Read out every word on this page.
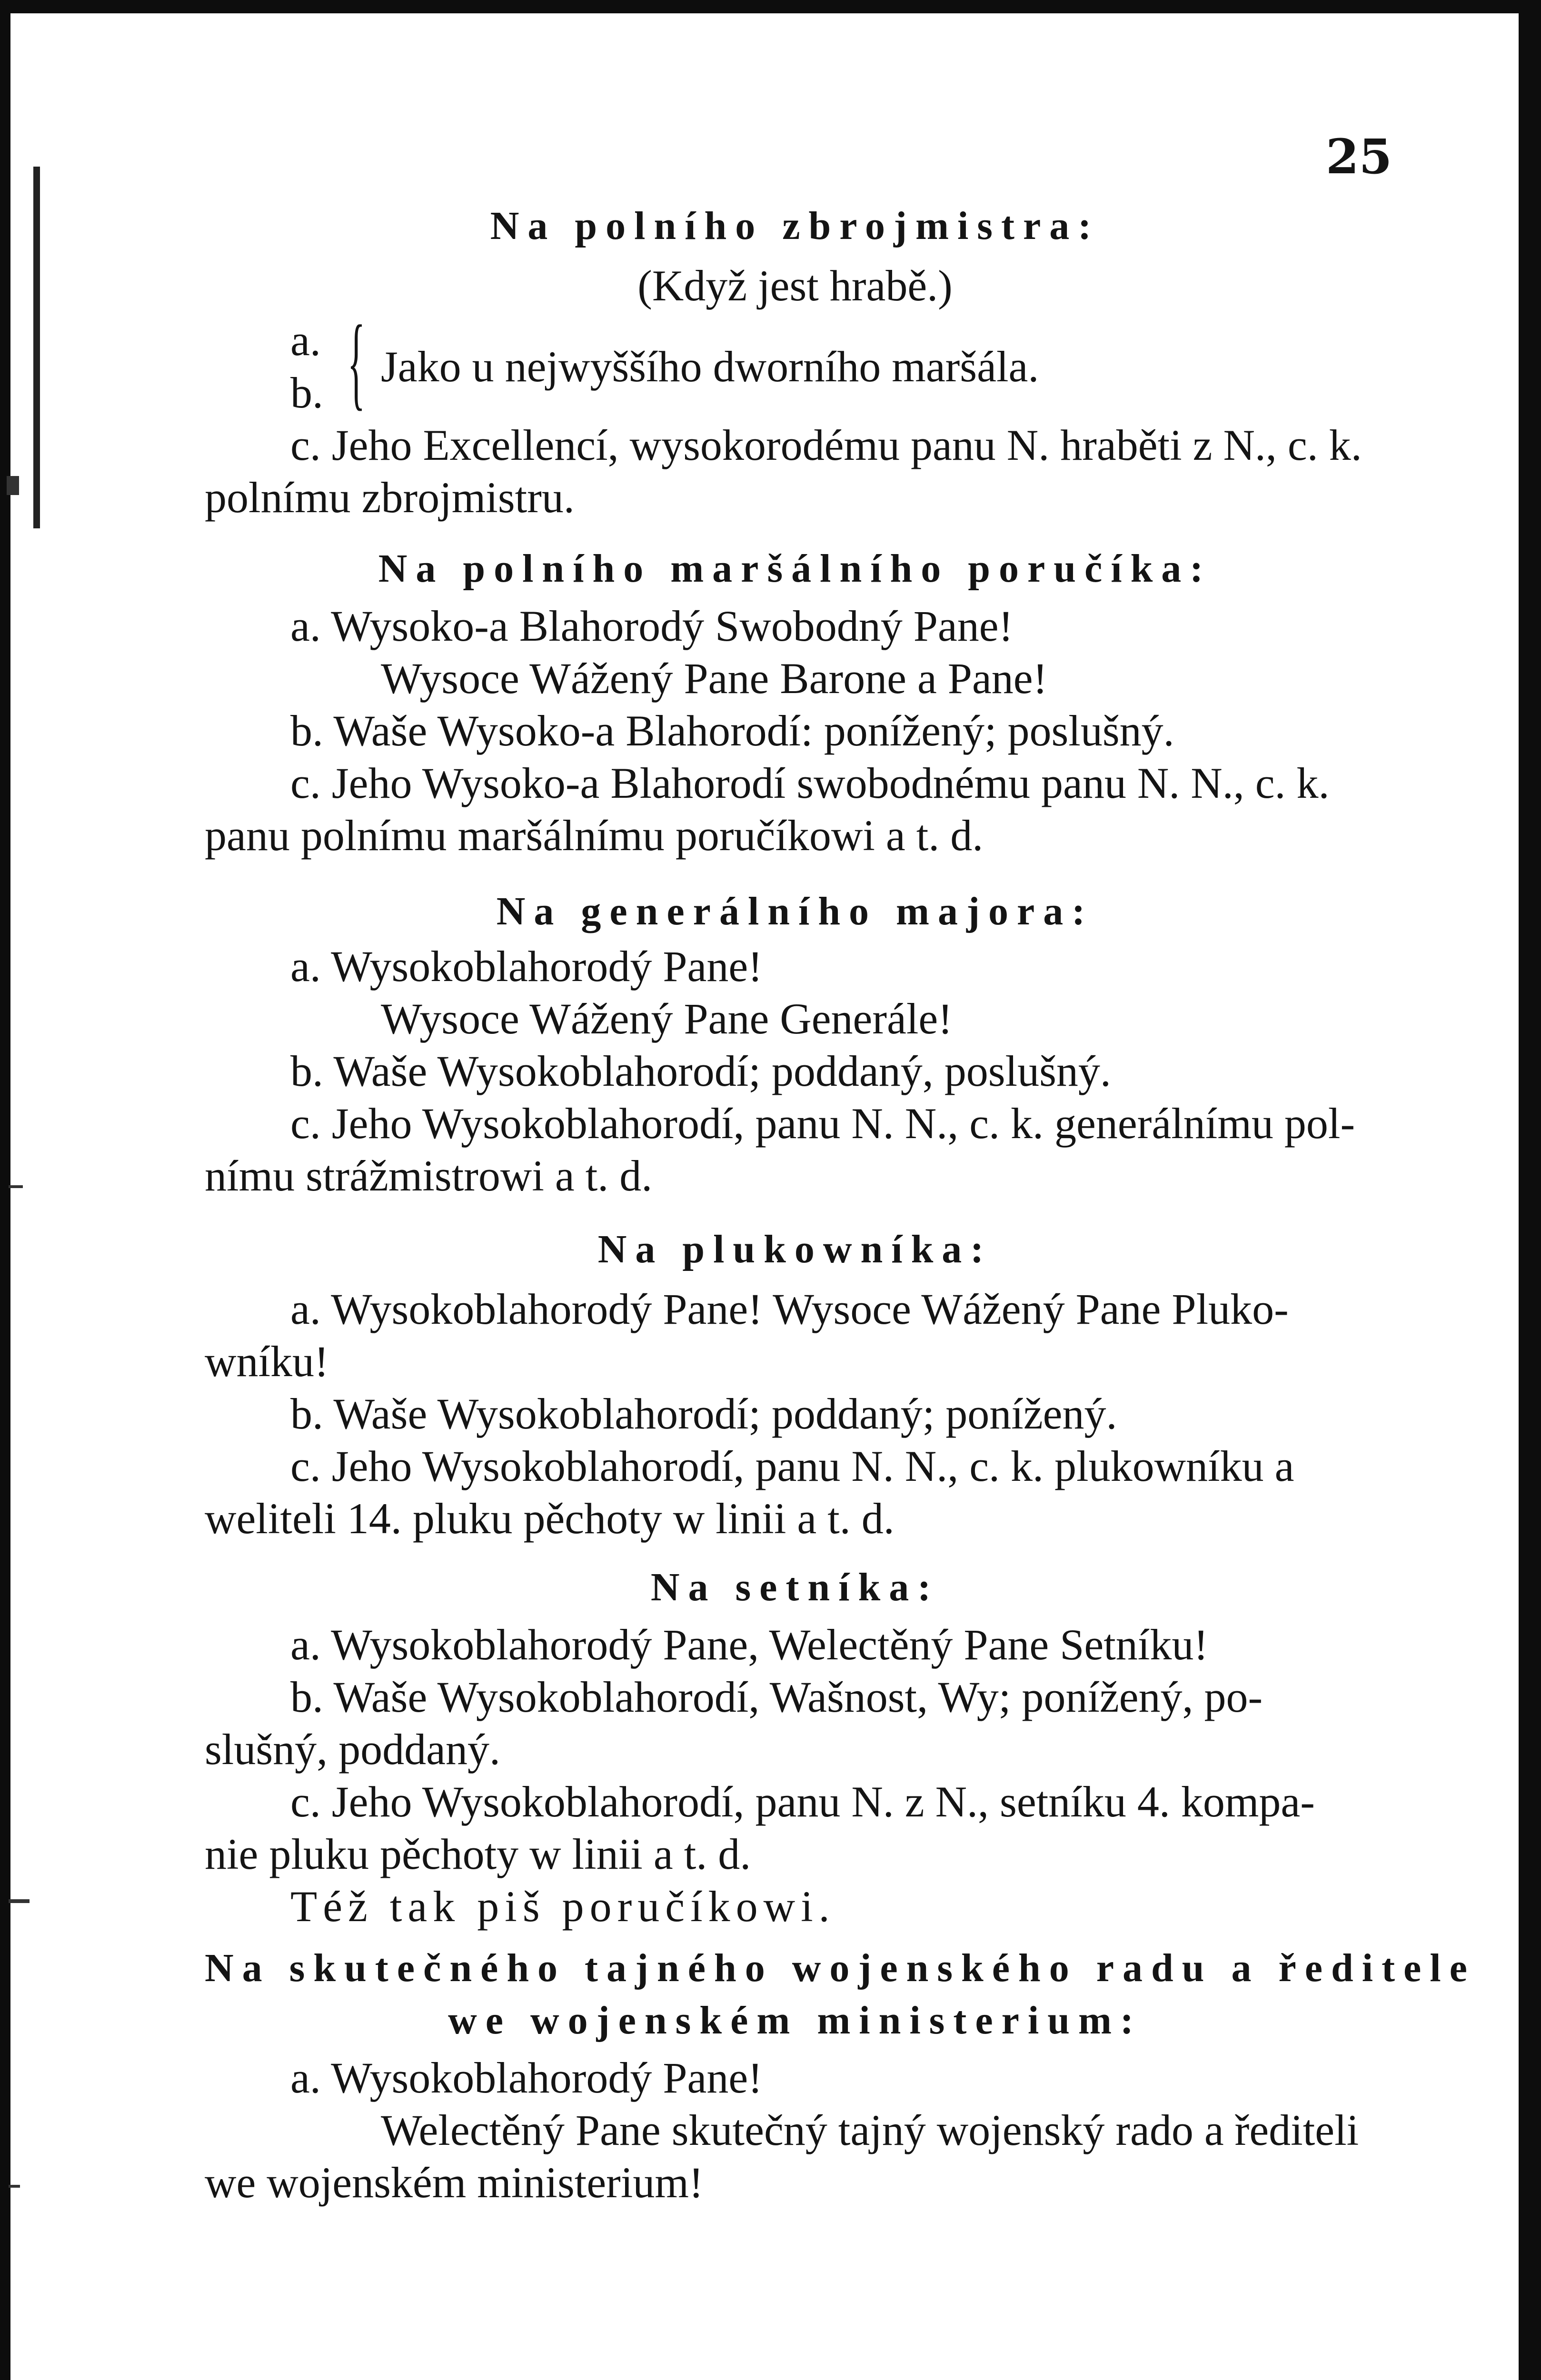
25
Na polního zbrojmistra:
(Když jest hrabě.)
a.
b. { Jako u nejwyššího dworního maršála.
c. Jeho Excellencí, wysokorodému panu N. hraběti z N., c. k.
polnímu zbrojmistru.
Na polního maršálního poručíka:
a. Wysoko-a Blahorodý Swobodný Pane!
Wysoce Wážený Pane Barone a Pane!
b. Waše Wysoko-a Blahorodí: ponížený; poslušný.
c. Jeho Wysoko-a Blahorodí swobodnému panu N. N., c. k.
panu polnímu maršálnímu poručíkowi a t. d.
Na generálního majora:
a. Wysokoblahorodý Pane!
Wysoce Wážený Pane Generále!
b. Waše Wysokoblahorodí; poddaný, poslušný.
c. Jeho Wysokoblahorodí, panu N. N., c. k. generálnímu pol-
nímu strážmistrowi a t. d.
Na plukowníka:
a. Wysokoblahorodý Pane! Wysoce Wážený Pane Pluko-
wníku!
b. Waše Wysokoblahorodí; poddaný; ponížený.
c. Jeho Wysokoblahorodí, panu N. N., c. k. plukowníku a
weliteli 14. pluku pěchoty w linii a t. d.
Na setníka:
a. Wysokoblahorodý Pane, Welectěný Pane Setníku!
b. Waše Wysokoblahorodí, Wašnost, Wy; ponížený, po-
slušný, poddaný.
c. Jeho Wysokoblahorodí, panu N. z N., setníku 4. kompa-
nie pluku pěchoty w linii a t. d.
Též tak piš poručíkowi.
Na skutečného tajného wojenského radu a ředitele
we wojenském ministerium:
a. Wysokoblahorodý Pane!
Welectěný Pane skutečný tajný wojenský rado a řediteli
we wojenském ministerium!
